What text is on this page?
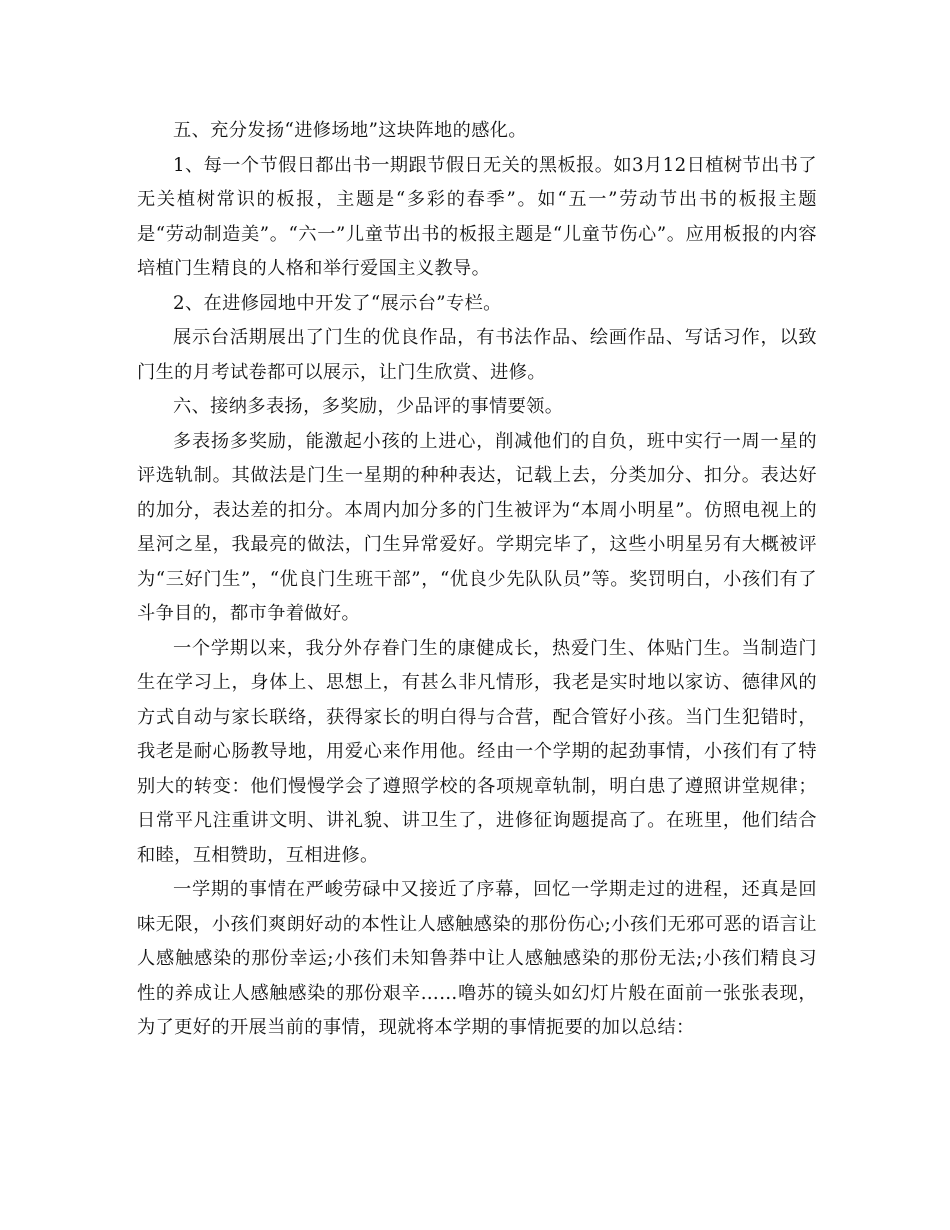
五、充分发扬“进修场地”这块阵地的感化。

1、每一个节假日都出书一期跟节假日无关的黑板报。如3月12日植树节出书了无关植树常识的板报，主题是“多彩的春季”。如“五一”劳动节出书的板报主题是“劳动制造美”。“六一”儿童节出书的板报主题是“儿童节伤心”。应用板报的内容培植门生精良的人格和举行爱国主义教导。

2、在进修园地中开发了“展示台”专栏。

展示台活期展出了门生的优良作品，有书法作品、绘画作品、写话习作，以致门生的月考试卷都可以展示，让门生欣赏、进修。

六、接纳多表扬，多奖励，少品评的事情要领。

多表扬多奖励，能激起小孩的上进心，削减他们的自负，班中实行一周一星的评选轨制。其做法是门生一星期的种种表达，记载上去，分类加分、扣分。表达好的加分，表达差的扣分。本周内加分多的门生被评为“本周小明星”。仿照电视上的星河之星，我最亮的做法，门生异常爱好。学期完毕了，这些小明星另有大概被评为“三好门生”，“优良门生班干部”，“优良少先队队员”等。奖罚明白，小孩们有了斗争目的，都市争着做好。

一个学期以来，我分外存眷门生的康健成长，热爱门生、体贴门生。当制造门生在学习上，身体上、思想上，有甚么非凡情形，我老是实时地以家访、德律风的方式自动与家长联络，获得家长的明白得与合营，配合管好小孩。当门生犯错时，我老是耐心肠教导地，用爱心来作用他。经由一个学期的起劲事情，小孩们有了特别大的转变：他们慢慢学会了遵照学校的各项规章轨制，明白患了遵照讲堂规律；日常平凡注重讲文明、讲礼貌、讲卫生了，进修征询题提高了。在班里，他们结合和睦，互相赞助，互相进修。

一学期的事情在严峻劳碌中又接近了序幕，回忆一学期走过的进程，还真是回味无限，小孩们爽朗好动的本性让人感触感染的那份伤心;小孩们无邪可恶的语言让人感触感染的那份幸运;小孩们未知鲁莽中让人感触感染的那份无法;小孩们精良习性的养成让人感触感染的那份艰辛……噜苏的镜头如幻灯片般在面前一张张表现，为了更好的开展当前的事情，现就将本学期的事情扼要的加以总结：
